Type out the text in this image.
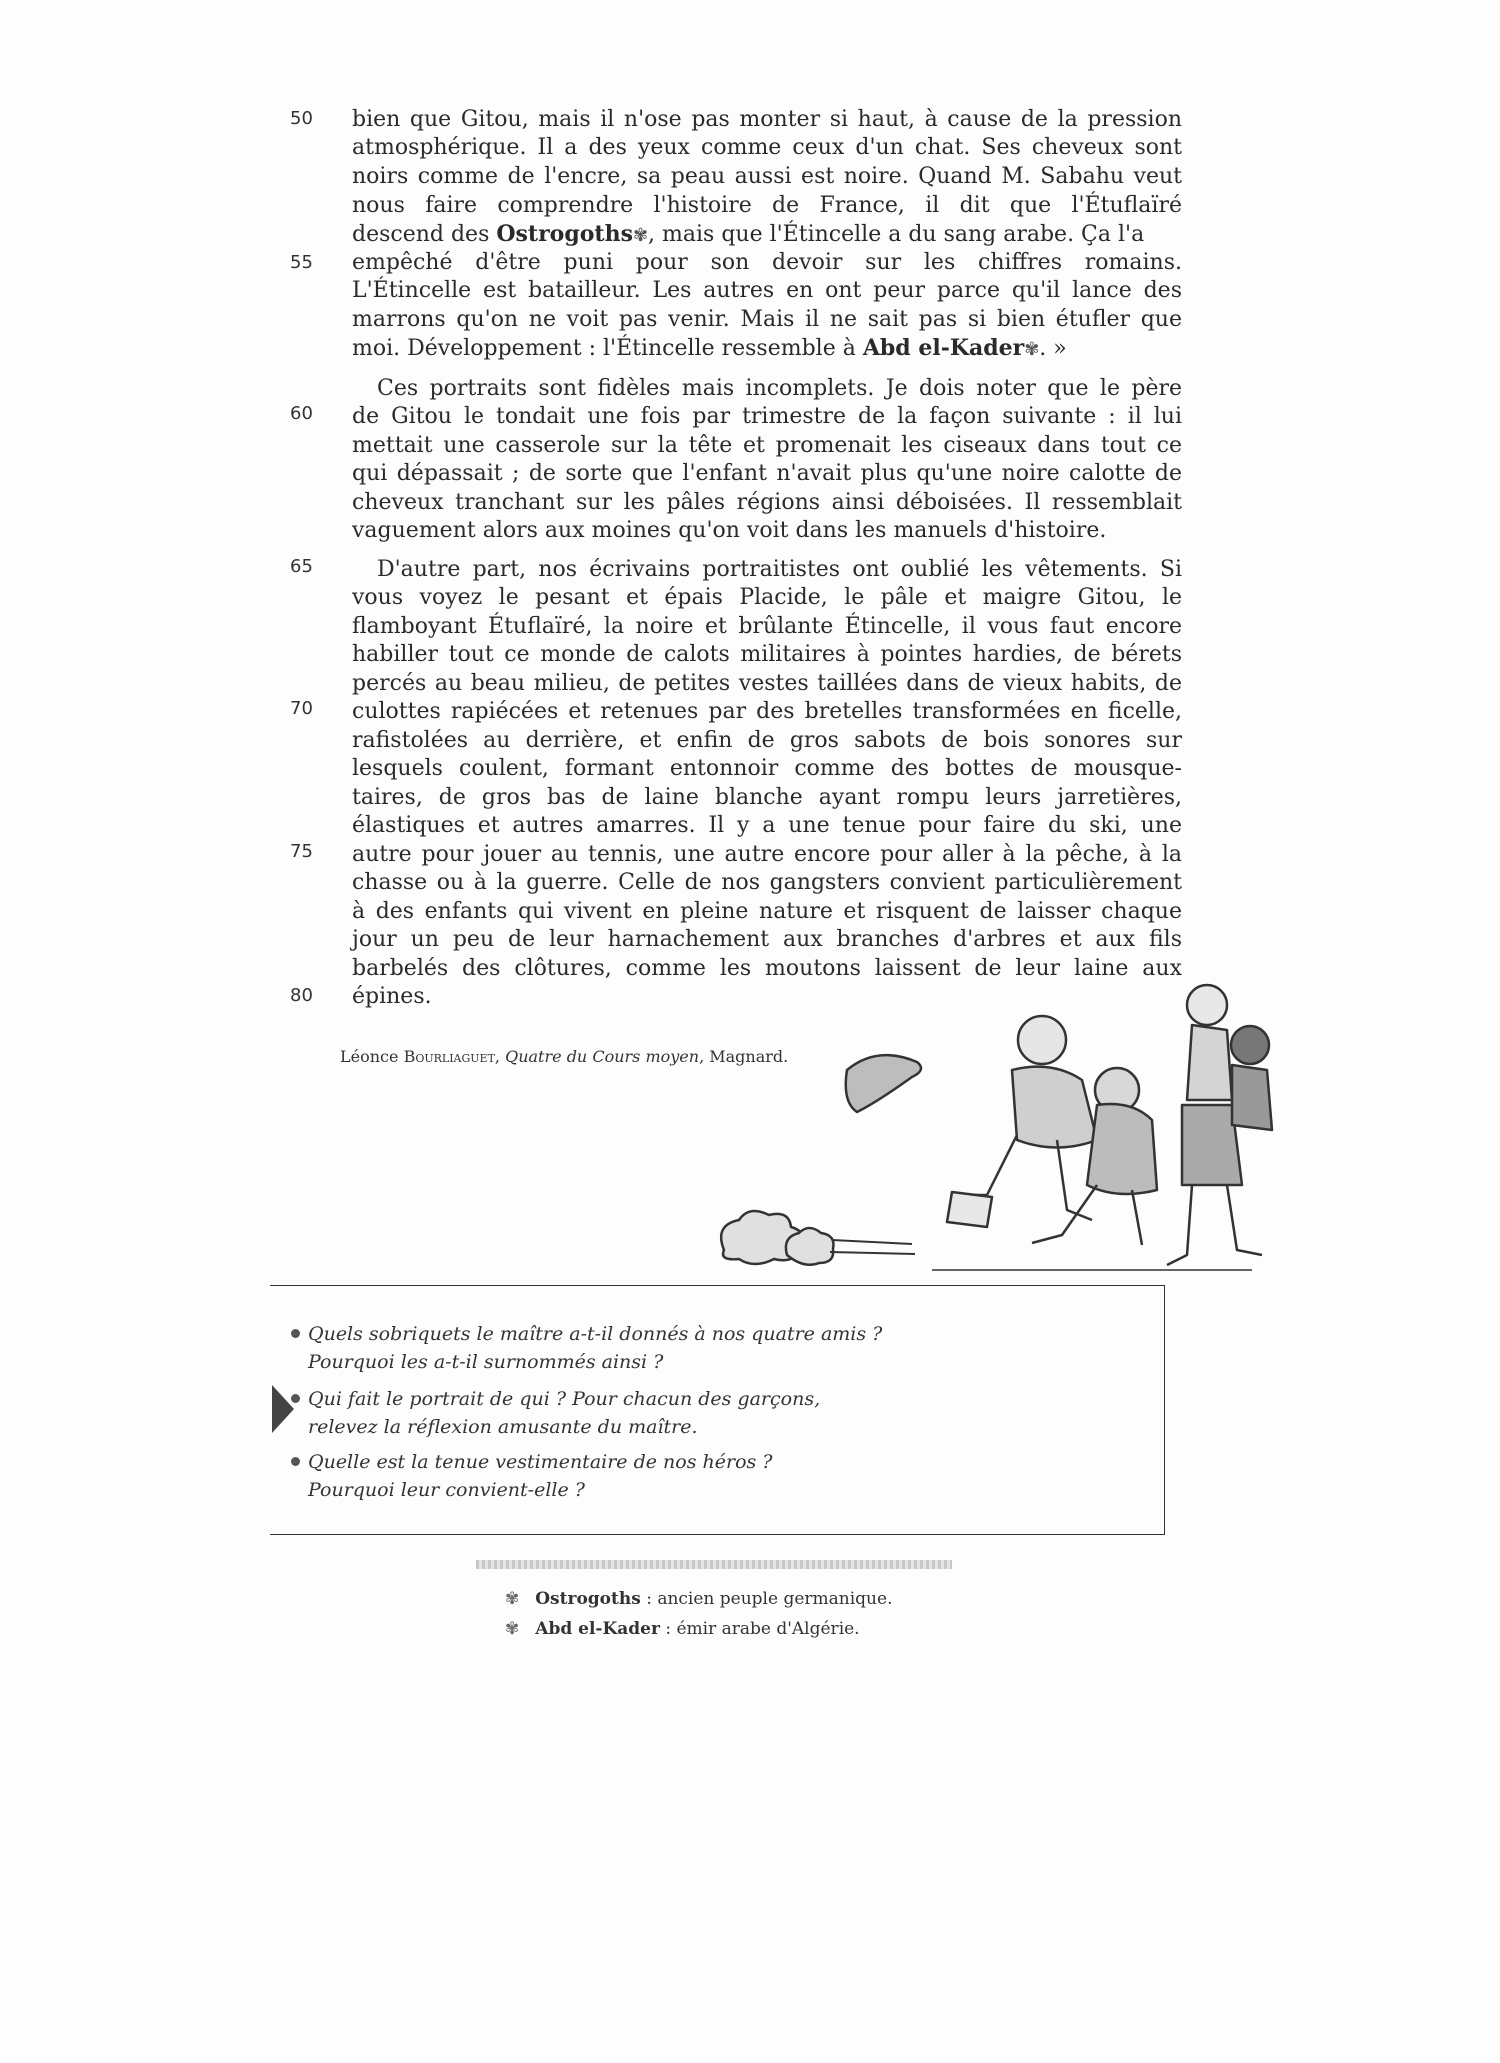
50
55
60
65
70
75
80
bien que Gitou, mais il n'ose pas monter si haut, à cause de la pression
atmosphérique. Il a des yeux comme ceux d'un chat. Ses cheveux sont
noirs comme de l'encre, sa peau aussi est noire. Quand M. Sabahu veut
nous faire comprendre l'histoire de France, il dit que l'Étuflaïré
descend des Ostrogoths✾, mais que l'Étincelle a du sang arabe. Ça l'a
empêché d'être puni pour son devoir sur les chiffres romains.
L'Étincelle est batailleur. Les autres en ont peur parce qu'il lance des
marrons qu'on ne voit pas venir. Mais il ne sait pas si bien étufler que
moi. Développement : l'Étincelle ressemble à Abd el-Kader✾. »
Ces portraits sont fidèles mais incomplets. Je dois noter que le père
de Gitou le tondait une fois par trimestre de la façon suivante : il lui
mettait une casserole sur la tête et promenait les ciseaux dans tout ce
qui dépassait ; de sorte que l'enfant n'avait plus qu'une noire calotte de
cheveux tranchant sur les pâles régions ainsi déboisées. Il ressemblait
vaguement alors aux moines qu'on voit dans les manuels d'histoire.
D'autre part, nos écrivains portraitistes ont oublié les vêtements. Si
vous voyez le pesant et épais Placide, le pâle et maigre Gitou, le
flamboyant Étuflaïré, la noire et brûlante Étincelle, il vous faut encore
habiller tout ce monde de calots militaires à pointes hardies, de bérets
percés au beau milieu, de petites vestes taillées dans de vieux habits, de
culottes rapiécées et retenues par des bretelles transformées en ficelle,
rafistolées au derrière, et enfin de gros sabots de bois sonores sur
lesquels coulent, formant entonnoir comme des bottes de mousque-
taires, de gros bas de laine blanche ayant rompu leurs jarretières,
élastiques et autres amarres. Il y a une tenue pour faire du ski, une
autre pour jouer au tennis, une autre encore pour aller à la pêche, à la
chasse ou à la guerre. Celle de nos gangsters convient particulièrement
à des enfants qui vivent en pleine nature et risquent de laisser chaque
jour un peu de leur harnachement aux branches d'arbres et aux fils
barbelés des clôtures, comme les moutons laissent de leur laine aux
épines.
Léonce Bourliaguet, Quatre du Cours moyen, Magnard.
Quels sobriquets le maître a-t-il donnés à nos quatre amis ?
Pourquoi les a-t-il surnommés ainsi ?
Qui fait le portrait de qui ? Pour chacun des garçons,
relevez la réflexion amusante du maître.
Quelle est la tenue vestimentaire de nos héros ?
Pourquoi leur convient-elle ?
✾ Ostrogoths : ancien peuple germanique.
✾ Abd el-Kader : émir arabe d'Algérie.
